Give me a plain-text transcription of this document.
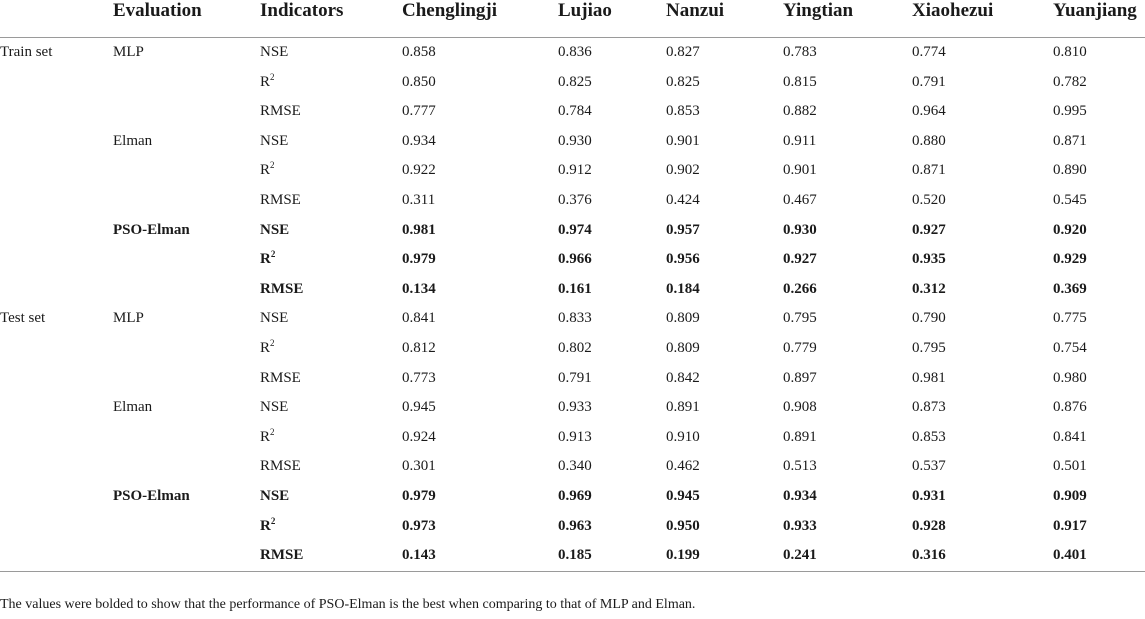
	Evaluation	Indicators	Chenglingji	Lujiao	Nanzui	Yingtian	Xiaohezui	Yuanjiang
Train set	MLP	NSE	0.858	0.836	0.827	0.783	0.774	0.810
		$R^2$	0.850	0.825	0.825	0.815	0.791	0.782
		RMSE	0.777	0.784	0.853	0.882	0.964	0.995
	Elman	NSE	0.934	0.930	0.901	0.911	0.880	0.871
		$R^2$	0.922	0.912	0.902	0.901	0.871	0.890
		RMSE	0.311	0.376	0.424	0.467	0.520	0.545
	PSO-Elman	NSE	0.981	0.974	0.957	0.930	0.927	0.920
		$R^2$	0.979	0.966	0.956	0.927	0.935	0.929
		RMSE	0.134	0.161	0.184	0.266	0.312	0.369
Test set	MLP	NSE	0.841	0.833	0.809	0.795	0.790	0.775
		$R^2$	0.812	0.802	0.809	0.779	0.795	0.754
		RMSE	0.773	0.791	0.842	0.897	0.981	0.980
	Elman	NSE	0.945	0.933	0.891	0.908	0.873	0.876
		$R^2$	0.924	0.913	0.910	0.891	0.853	0.841
		RMSE	0.301	0.340	0.462	0.513	0.537	0.501
	PSO-Elman	NSE	0.979	0.969	0.945	0.934	0.931	0.909
		$R^2$	0.973	0.963	0.950	0.933	0.928	0.917
		RMSE	0.143	0.185	0.199	0.241	0.316	0.401
The values were bolded to show that the performance of PSO-Elman is the best when comparing to that of MLP and Elman.
